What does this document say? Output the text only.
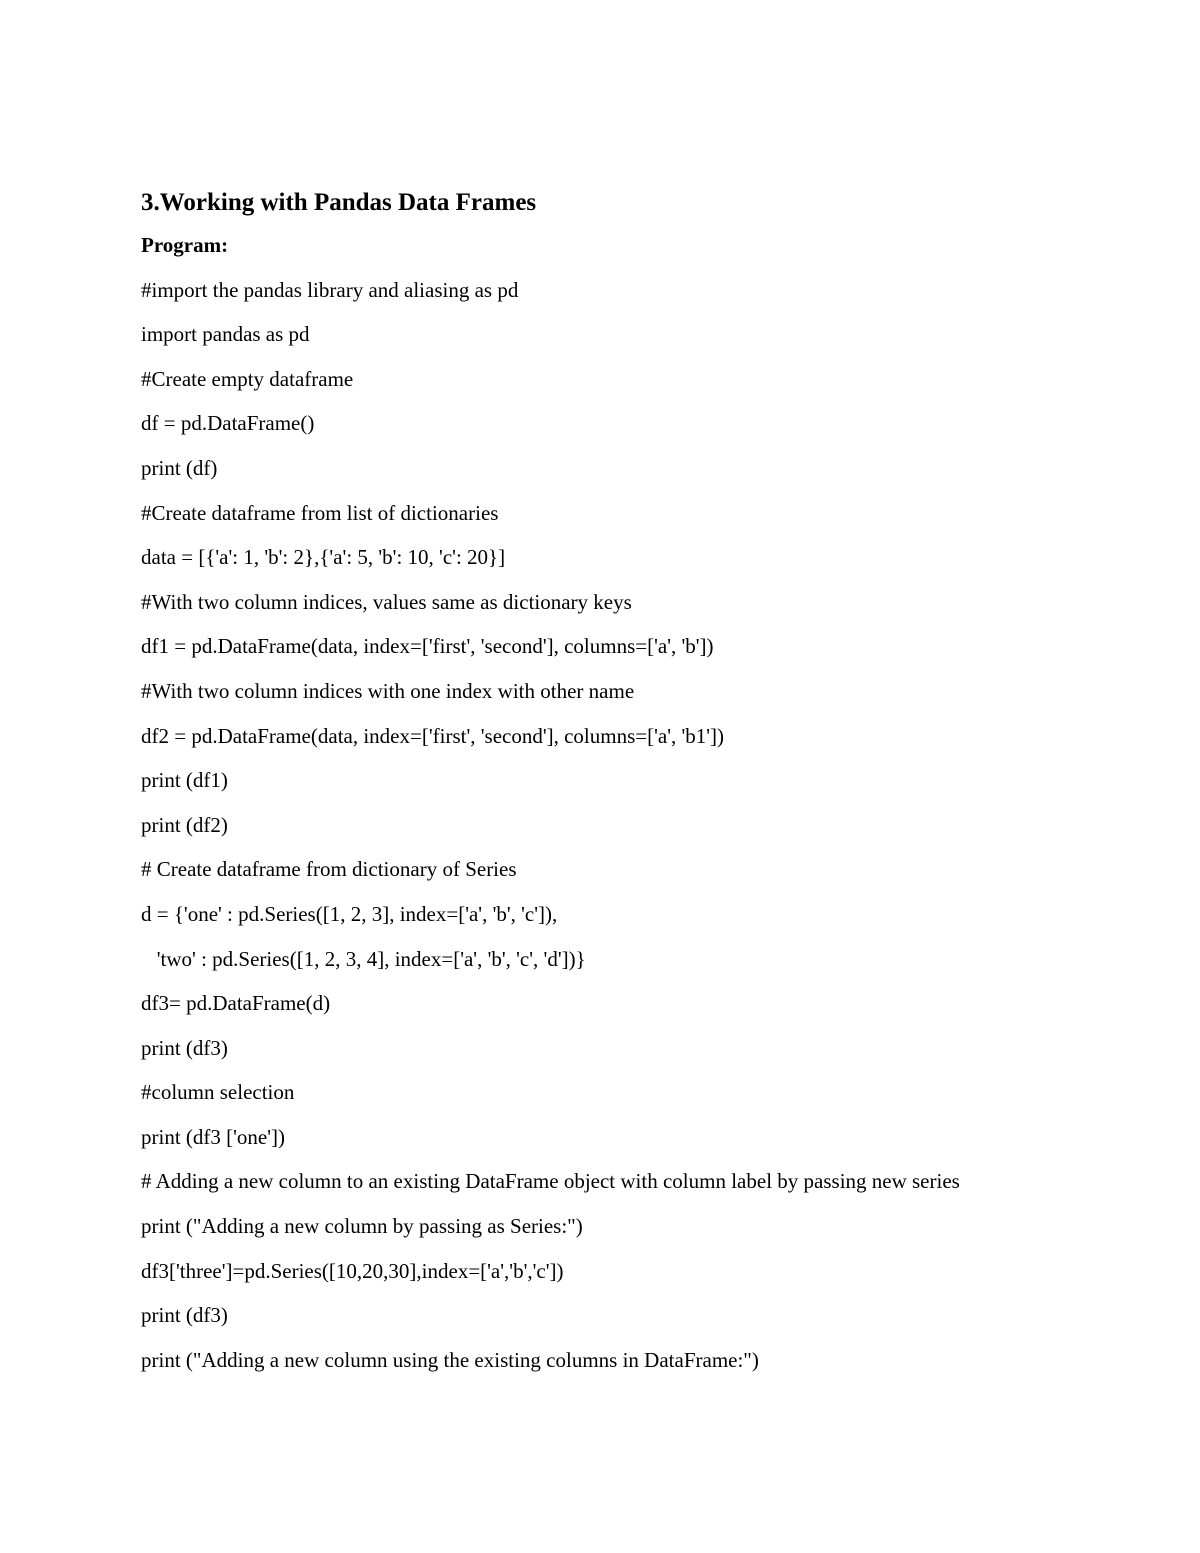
3.Working with Pandas Data Frames
Program:
#import the pandas library and aliasing as pd
import pandas as pd
#Create empty dataframe
df = pd.DataFrame()
print (df)
#Create dataframe from list of dictionaries
data = [{'a': 1, 'b': 2},{'a': 5, 'b': 10, 'c': 20}]
#With two column indices, values same as dictionary keys
df1 = pd.DataFrame(data, index=['first', 'second'], columns=['a', 'b'])
#With two column indices with one index with other name
df2 = pd.DataFrame(data, index=['first', 'second'], columns=['a', 'b1'])
print (df1)
print (df2)
# Create dataframe from dictionary of Series
d = {'one' : pd.Series([1, 2, 3], index=['a', 'b', 'c']),
'two' : pd.Series([1, 2, 3, 4], index=['a', 'b', 'c', 'd'])}
df3= pd.DataFrame(d)
print (df3)
#column selection
print (df3 ['one'])
# Adding a new column to an existing DataFrame object with column label by passing new series
print ("Adding a new column by passing as Series:")
df3['three']=pd.Series([10,20,30],index=['a','b','c'])
print (df3)
print ("Adding a new column using the existing columns in DataFrame:")
